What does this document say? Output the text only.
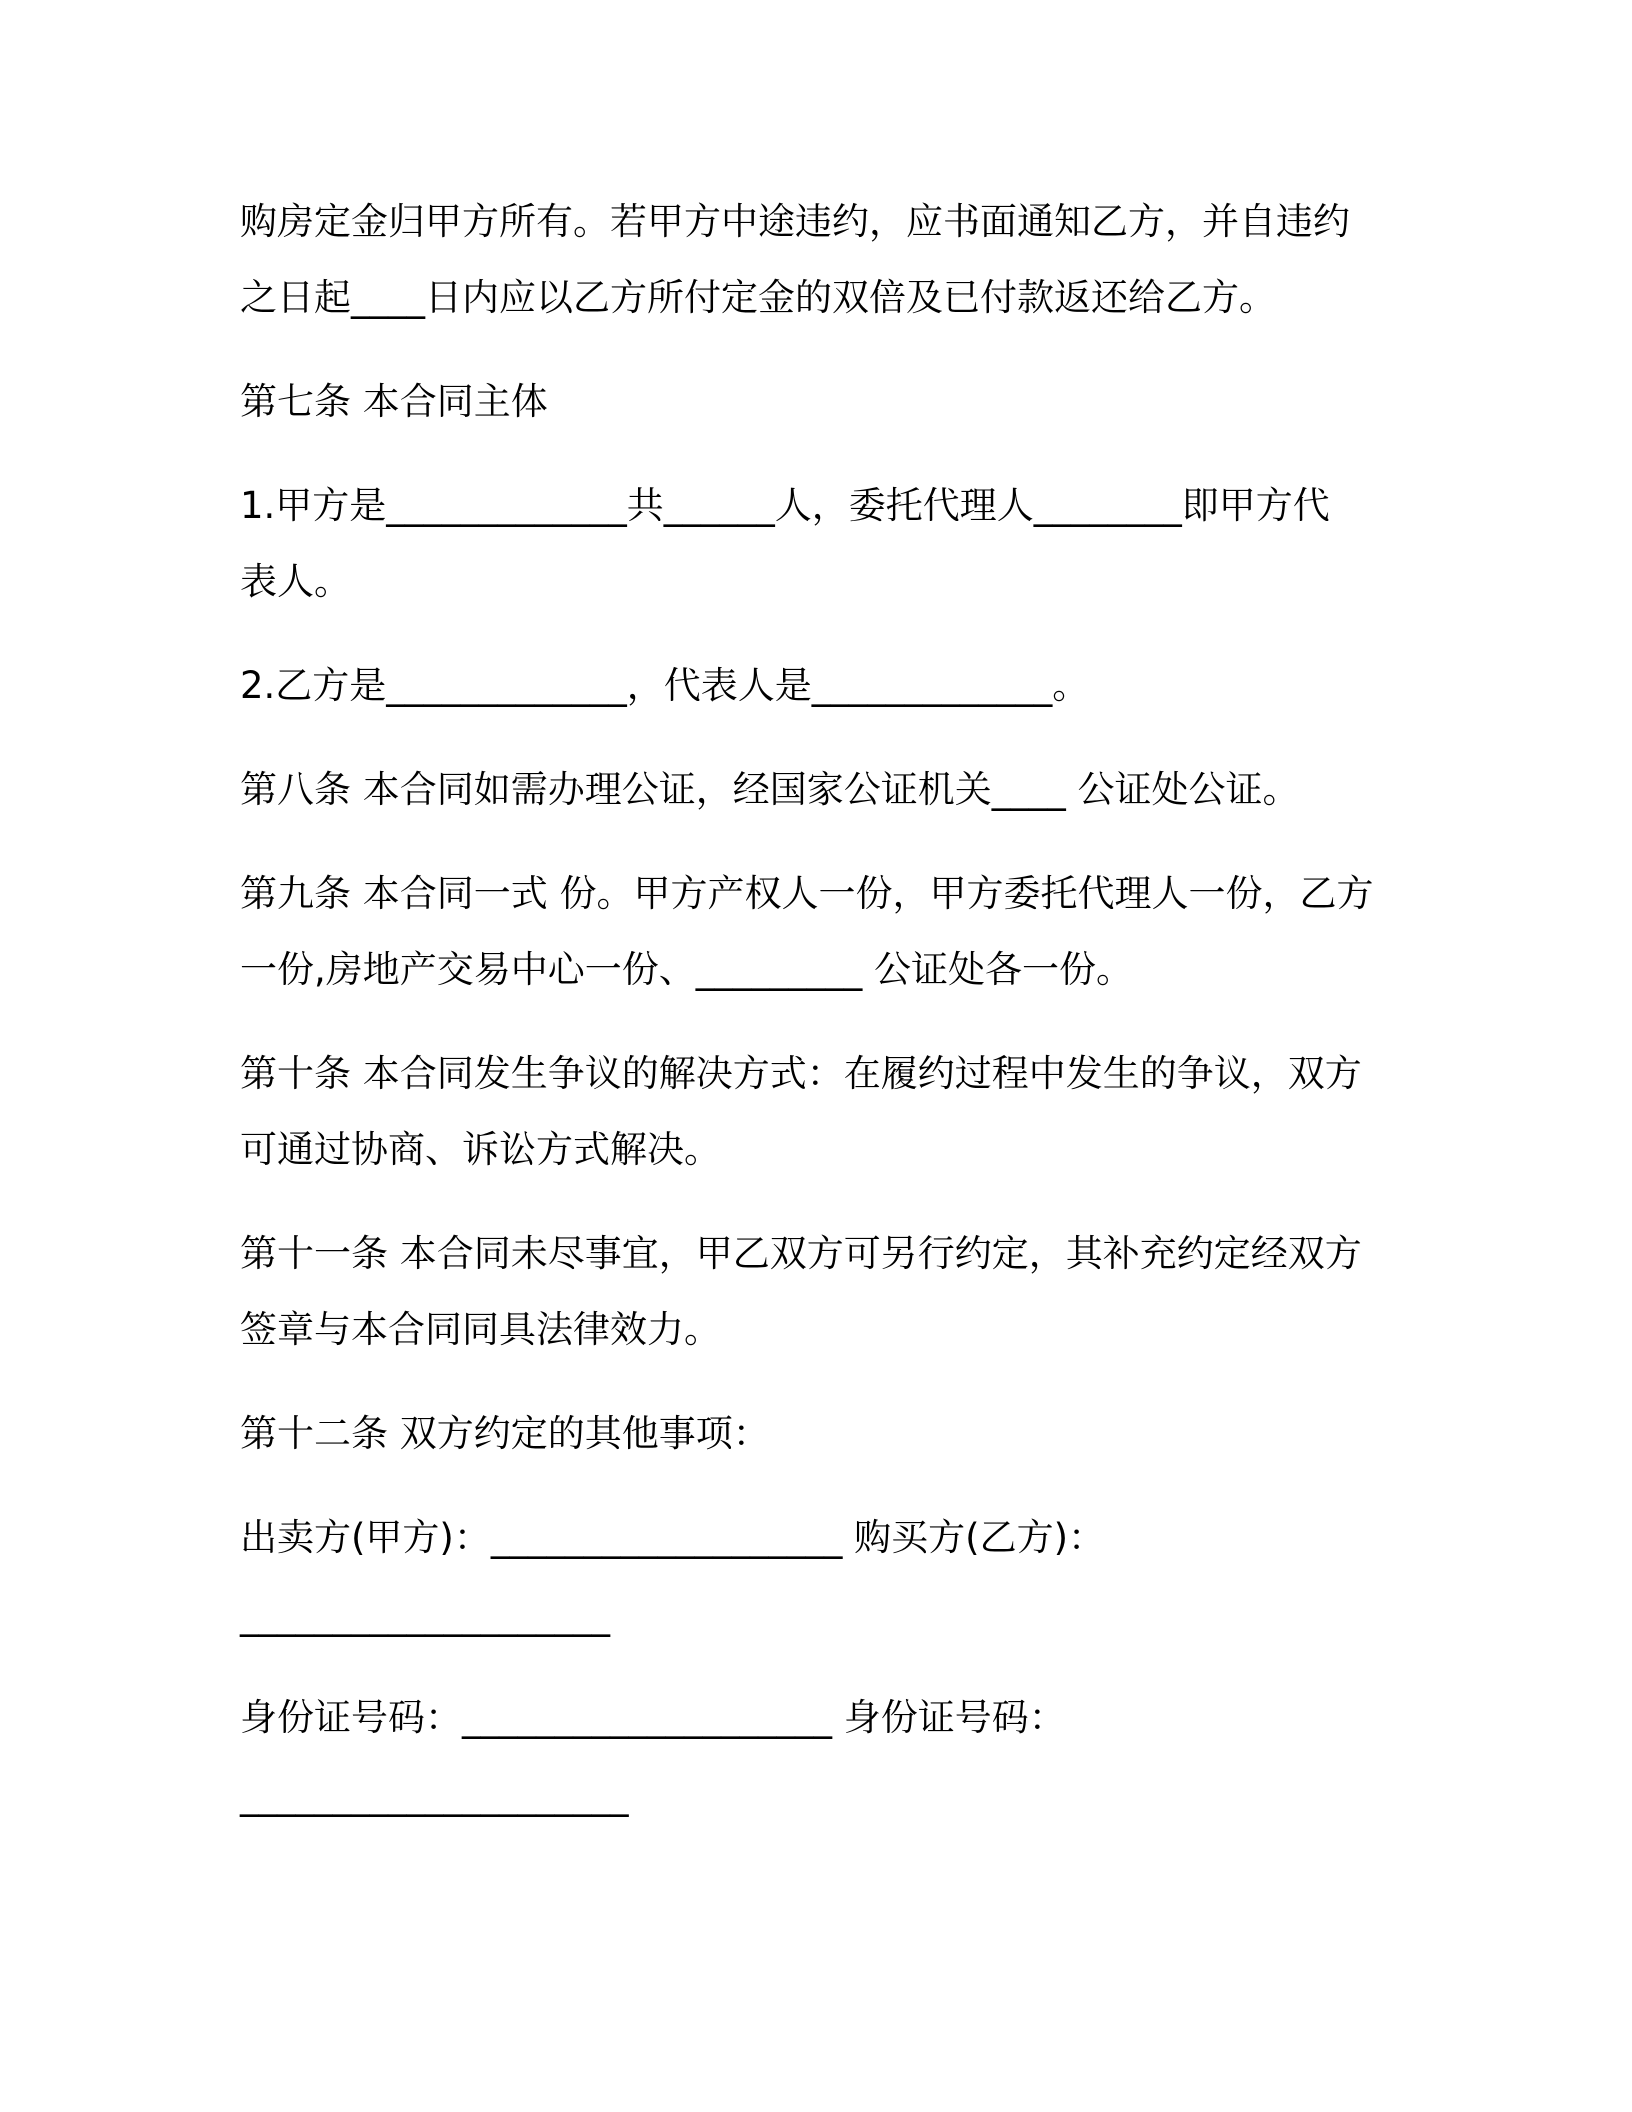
购房定金归甲方所有。若甲方中途违约，应书面通知乙方，并自违约
之日起____日内应以乙方所付定金的双倍及已付款返还给乙方。
第七条 本合同主体
1.甲方是_____________共______人，委托代理人________即甲方代
表人。
2.乙方是_____________，代表人是_____________。
第八条 本合同如需办理公证，经国家公证机关____ 公证处公证。
第九条 本合同一式 份。甲方产权人一份，甲方委托代理人一份，乙方
一份,房地产交易中心一份、_________ 公证处各一份。
第十条 本合同发生争议的解决方式：在履约过程中发生的争议，双方
可通过协商、诉讼方式解决。
第十一条 本合同未尽事宜，甲乙双方可另行约定，其补充约定经双方
签章与本合同同具法律效力。
第十二条 双方约定的其他事项：
出卖方(甲方)：___________________ 购买方(乙方)：
____________________
身份证号码：____________________ 身份证号码：
_____________________
